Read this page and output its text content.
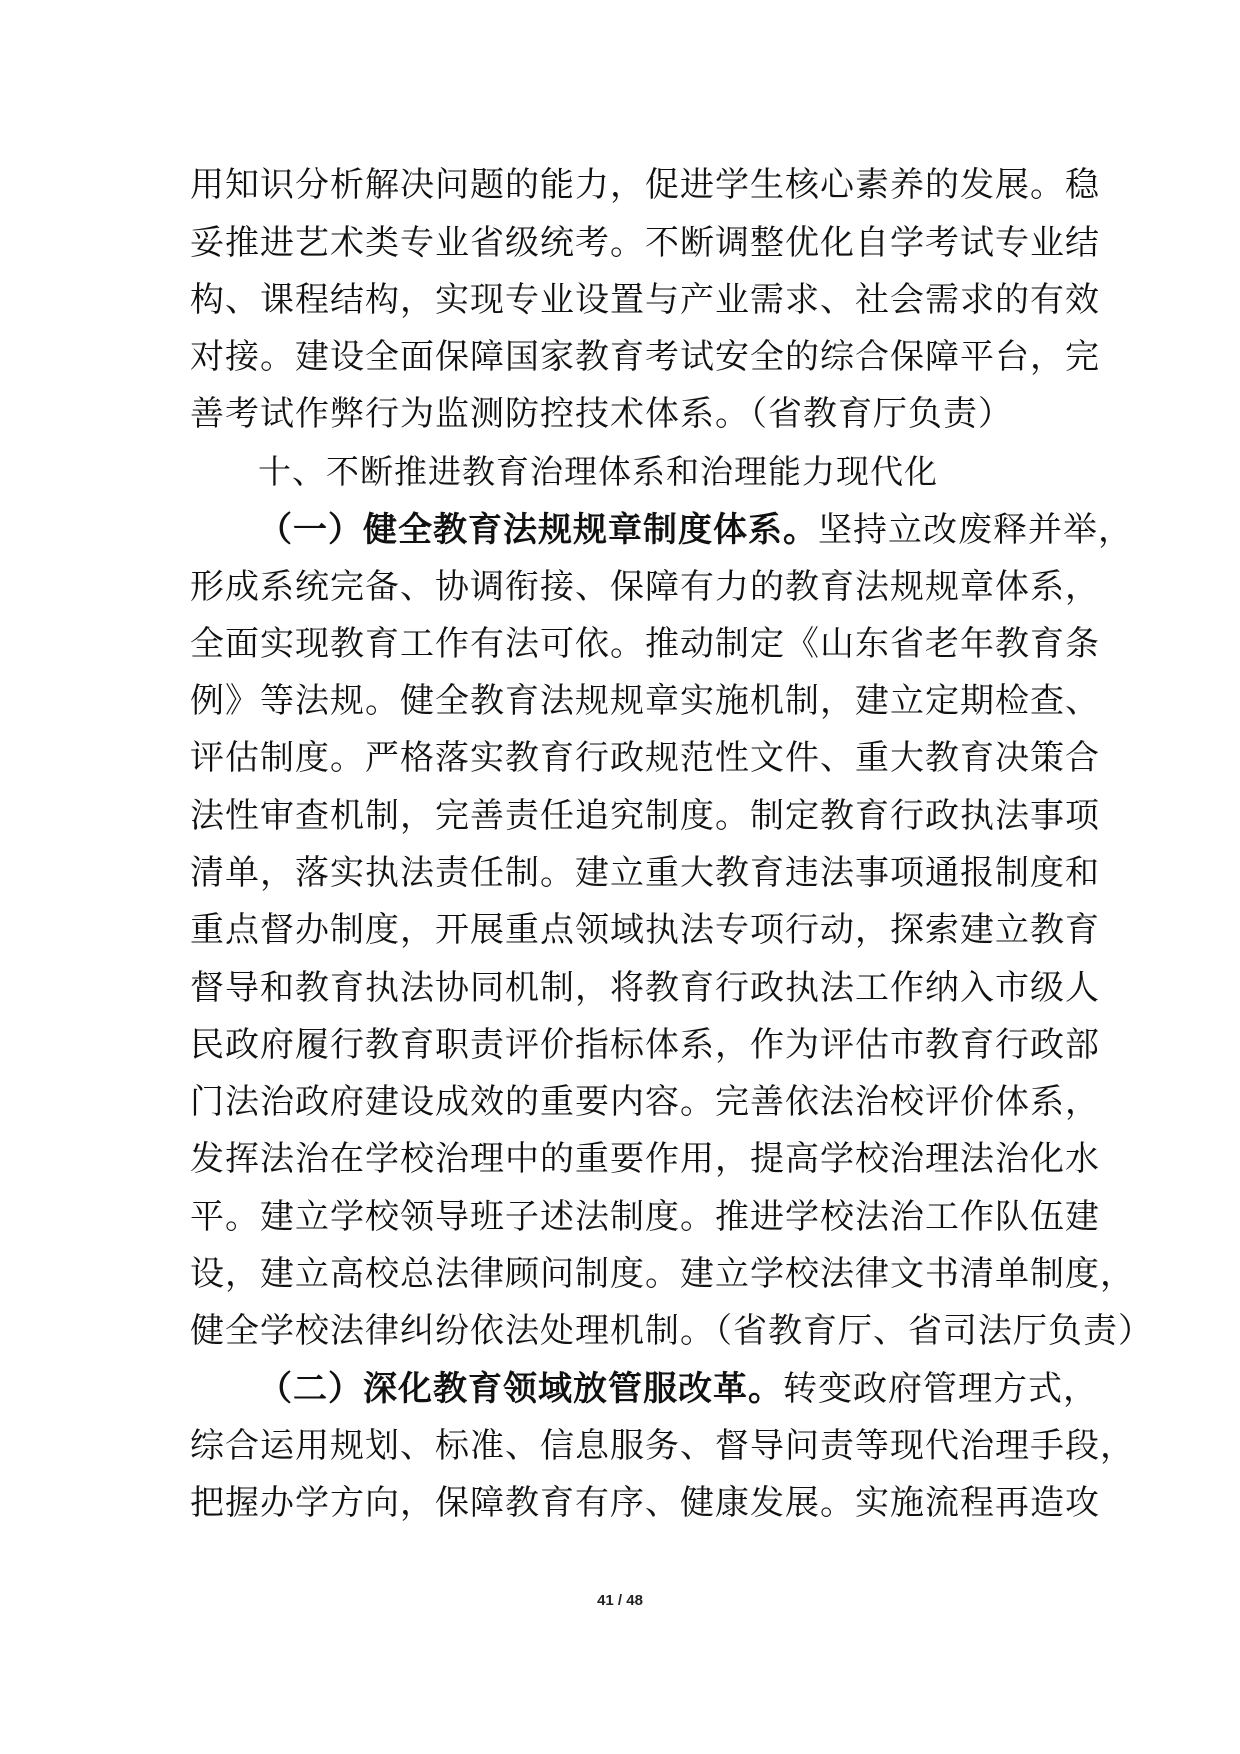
用知识分析解决问题的能力，促进学生核心素养的发展。稳
妥推进艺术类专业省级统考。不断调整优化自学考试专业结
构、课程结构，实现专业设置与产业需求、社会需求的有效
对接。建设全面保障国家教育考试安全的综合保障平台，完
善考试作弊行为监测防控技术体系。（省教育厅负责）
十、不断推进教育治理体系和治理能力现代化
（一）健全教育法规规章制度体系。坚持立改废释并举，
形成系统完备、协调衔接、保障有力的教育法规规章体系，
全面实现教育工作有法可依。推动制定《山东省老年教育条
例》等法规。健全教育法规规章实施机制，建立定期检查、
评估制度。严格落实教育行政规范性文件、重大教育决策合
法性审查机制，完善责任追究制度。制定教育行政执法事项
清单，落实执法责任制。建立重大教育违法事项通报制度和
重点督办制度，开展重点领域执法专项行动，探索建立教育
督导和教育执法协同机制，将教育行政执法工作纳入市级人
民政府履行教育职责评价指标体系，作为评估市教育行政部
门法治政府建设成效的重要内容。完善依法治校评价体系，
发挥法治在学校治理中的重要作用，提高学校治理法治化水
平。建立学校领导班子述法制度。推进学校法治工作队伍建
设，建立高校总法律顾问制度。建立学校法律文书清单制度，
健全学校法律纠纷依法处理机制。（省教育厅、省司法厅负责）
（二）深化教育领域放管服改革。转变政府管理方式，
综合运用规划、标准、信息服务、督导问责等现代治理手段，
把握办学方向，保障教育有序、健康发展。实施流程再造攻
41 / 48
